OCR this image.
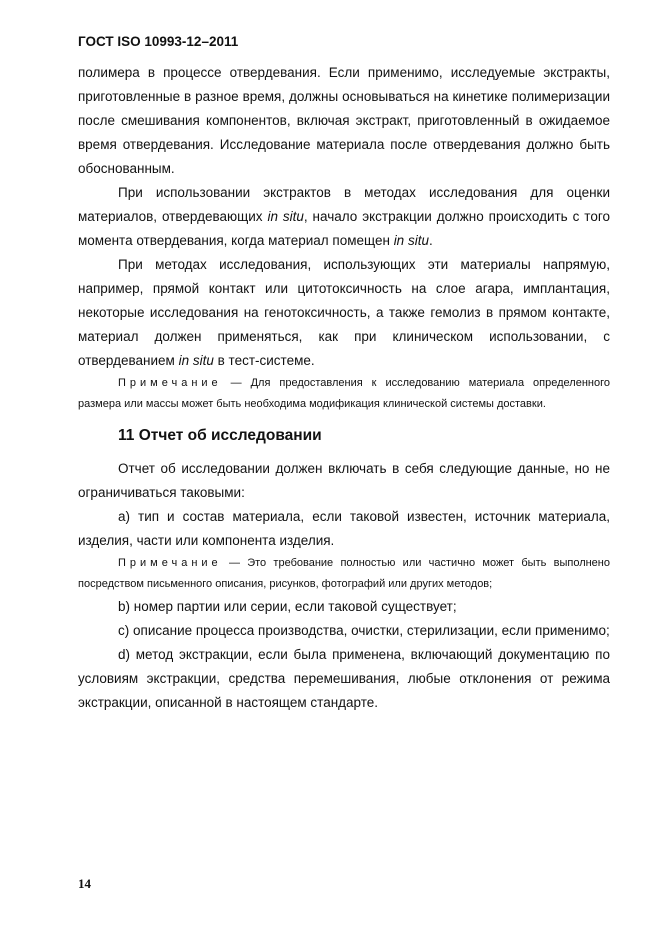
ГОСТ ISO 10993-12–2011

полимера в процессе отвердевания. Если применимо, исследуемые экстракты, приготовленные в разное время, должны основываться на кинетике полимеризации после смешивания компонентов, включая экстракт, приготовленный в ожидаемое время отвердевания. Исследование материала после отвердевания должно быть обоснованным.

При использовании экстрактов в методах исследования для оценки материалов, отвердевающих in situ, начало экстракции должно происходить с того момента отвердевания, когда материал помещен in situ.

При методах исследования, использующих эти материалы напрямую, например, прямой контакт или цитотоксичность на слое агара, имплантация, некоторые исследования на генотоксичность, а также гемолиз в прямом контакте, материал должен применяться, как при клиническом использовании, с отвердеванием in situ в тест-системе.

Примечание — Для предоставления к исследованию материала определенного размера или массы может быть необходима модификация клинической системы доставки.

11 Отчет об исследовании

Отчет об исследовании должен включать в себя следующие данные, но не ограничиваться таковыми:

a) тип и состав материала, если таковой известен, источник материала, изделия, части или компонента изделия.

Примечание — Это требование полностью или частично может быть выполнено посредством письменного описания, рисунков, фотографий или других методов;

b) номер партии или серии, если таковой существует;

c) описание процесса производства, очистки, стерилизации, если применимо;

d) метод экстракции, если была применена, включающий документацию по условиям экстракции, средства перемешивания, любые отклонения от режима экстракции, описанной в настоящем стандарте.

14
